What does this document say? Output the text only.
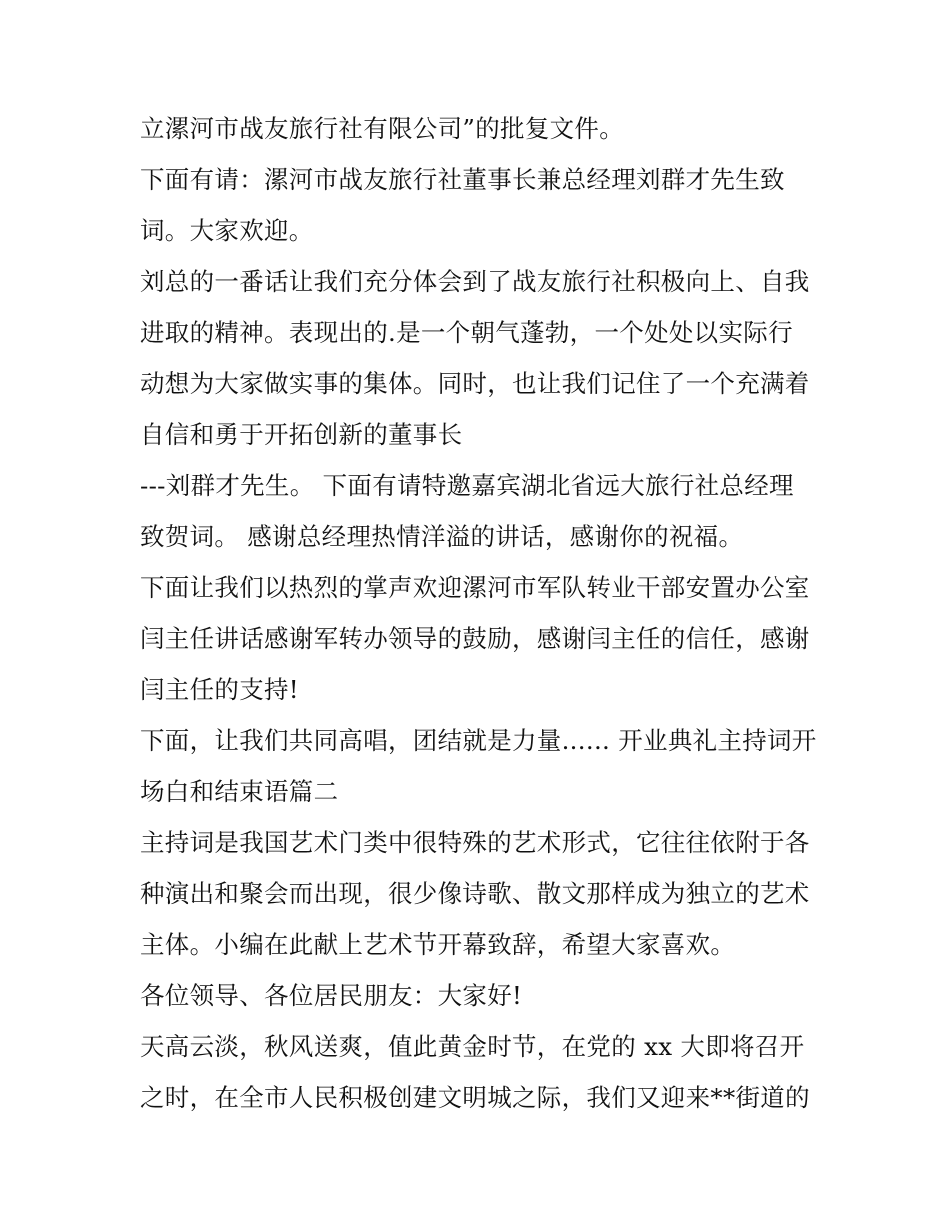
立漯河市战友旅行社有限公司”的批复文件。
下面有请：漯河市战友旅行社董事长兼总经理刘群才先生致
词。大家欢迎。
刘总的一番话让我们充分体会到了战友旅行社积极向上、自我
进取的精神。表现出的.是一个朝气蓬勃，一个处处以实际行
动想为大家做实事的集体。同时，也让我们记住了一个充满着
自信和勇于开拓创新的董事长
---刘群才先生。 下面有请特邀嘉宾湖北省远大旅行社总经理
致贺词。 感谢总经理热情洋溢的讲话，感谢你的祝福。
下面让我们以热烈的掌声欢迎漯河市军队转业干部安置办公室
闫主任讲话感谢军转办领导的鼓励，感谢闫主任的信任，感谢
闫主任的支持!
下面，让我们共同高唱，团结就是力量...... 开业典礼主持词开
场白和结束语篇二
主持词是我国艺术门类中很特殊的艺术形式，它往往依附于各
种演出和聚会而出现，很少像诗歌、散文那样成为独立的艺术
主体。小编在此献上艺术节开幕致辞，希望大家喜欢。
各位领导、各位居民朋友：大家好!
天高云淡，秋风送爽，值此黄金时节，在党的 xx 大即将召开
之时，在全市人民积极创建文明城之际，我们又迎来**街道的
